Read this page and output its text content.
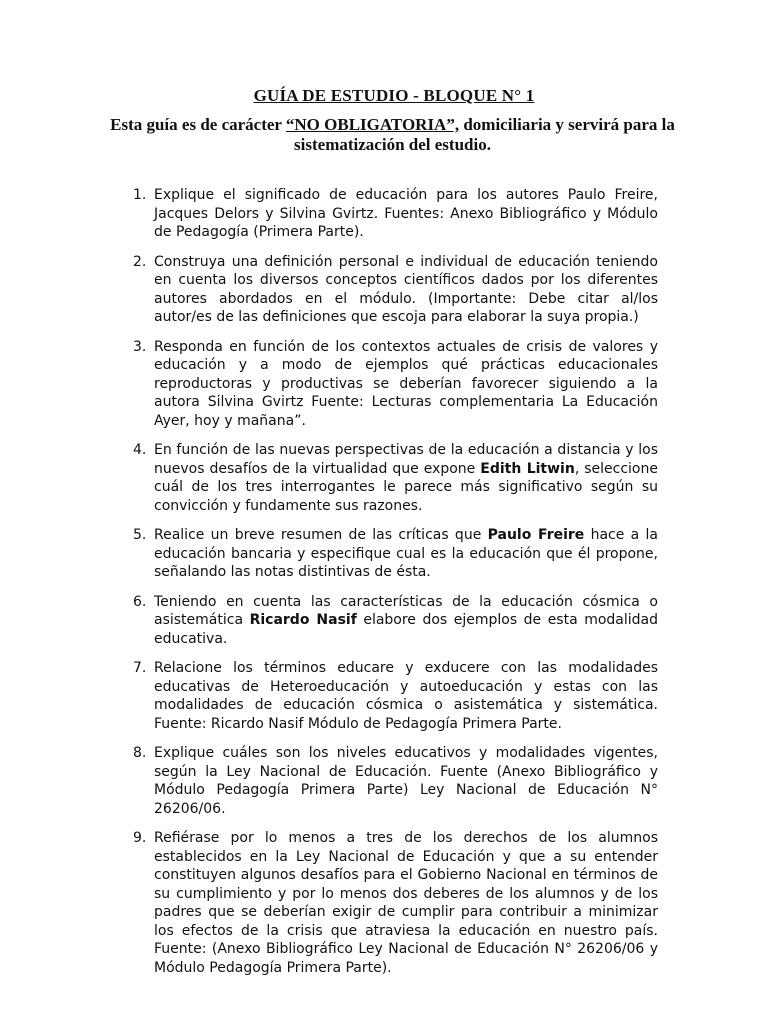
GUÍA DE ESTUDIO - BLOQUE N° 1
Esta guía es de carácter “NO OBLIGATORIA”, domiciliaria y servirá para la sistematización del estudio.
1. Explique el significado de educación para los autores Paulo Freire, Jacques Delors y Silvina Gvirtz. Fuentes: Anexo Bibliográfico y Módulo de Pedagogía (Primera Parte).
2. Construya una definición personal e individual de educación teniendo en cuenta los diversos conceptos científicos dados por los diferentes autores abordados en el módulo. (Importante: Debe citar al/los autor/es de las definiciones que escoja para elaborar la suya propia.)
3. Responda en función de los contextos actuales de crisis de valores y educación y a modo de ejemplos qué prácticas educacionales reproductoras y productivas se deberían favorecer siguiendo a la autora Silvina Gvirtz Fuente: Lecturas complementaria La Educación Ayer, hoy y mañana”.
4. En función de las nuevas perspectivas de la educación a distancia y los nuevos desafíos de la virtualidad que expone Edith Litwin, seleccione cuál de los tres interrogantes le parece más significativo según su convicción y fundamente sus razones.
5. Realice un breve resumen de las críticas que Paulo Freire hace a la educación bancaria y especifique cual es la educación que él propone, señalando las notas distintivas de ésta.
6. Teniendo en cuenta las características de la educación cósmica o asistemática Ricardo Nasif elabore dos ejemplos de esta modalidad educativa.
7. Relacione los términos educare y exducere con las modalidades educativas de Heteroeducación y autoeducación y estas con las modalidades de educación cósmica o asistemática y sistemática. Fuente: Ricardo Nasif Módulo de Pedagogía Primera Parte.
8. Explique cuáles son los niveles educativos y modalidades vigentes, según la Ley Nacional de Educación. Fuente (Anexo Bibliográfico y Módulo Pedagogía Primera Parte) Ley Nacional de Educación N° 26206/06.
9. Refiérase por lo menos a tres de los derechos de los alumnos establecidos en la Ley Nacional de Educación y que a su entender constituyen algunos desafíos para el Gobierno Nacional en términos de su cumplimiento y por lo menos dos deberes de los alumnos y de los padres que se deberían exigir de cumplir para contribuir a minimizar los efectos de la crisis que atraviesa la educación en nuestro país. Fuente: (Anexo Bibliográfico Ley Nacional de Educación N° 26206/06 y Módulo Pedagogía Primera Parte).
